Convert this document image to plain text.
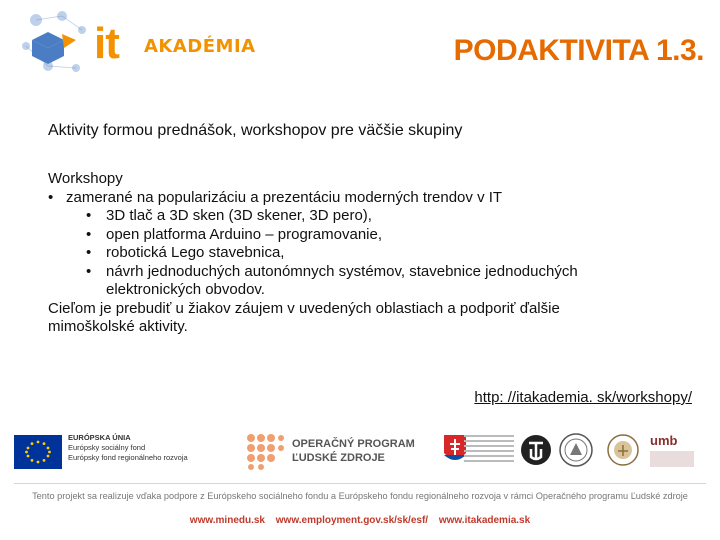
it AKADÉMIA	PODAKTIVITA 1.3.
Aktivity formou prednášok, workshopov pre väčšie skupiny
Workshopy
• zamerané na popularizáciu a prezentáciu moderných trendov v IT
• 3D tlač a 3D sken (3D skener, 3D pero),
• open platforma Arduino – programovanie,
• robotická Lego stavebnica,
• návrh jednoduchých autonómnych systémov, stavebnice jednoduchých
elektronických obvodov.
Cieľom je prebudiť u žiakov záujem v uvedených oblastiach a podporiť ďalšie
mimoškolské aktivity.
http: //itakademia. sk/workshopy/
EURÓPSKA ÚNIA
Európsky sociálny fond
Európsky fond regionálneho rozvoja
OPERAČNÝ PROGRAM
ĽUDSKÉ ZDROJE
umb
Tento projekt sa realizuje vďaka podpore z Európskeho sociálneho fondu a Európskeho fondu regionálneho rozvoja v rámci Operačného programu Ľudské zdroje
www.minedu.sk www.employment.gov.sk/sk/esf/ www.itakademia.sk
